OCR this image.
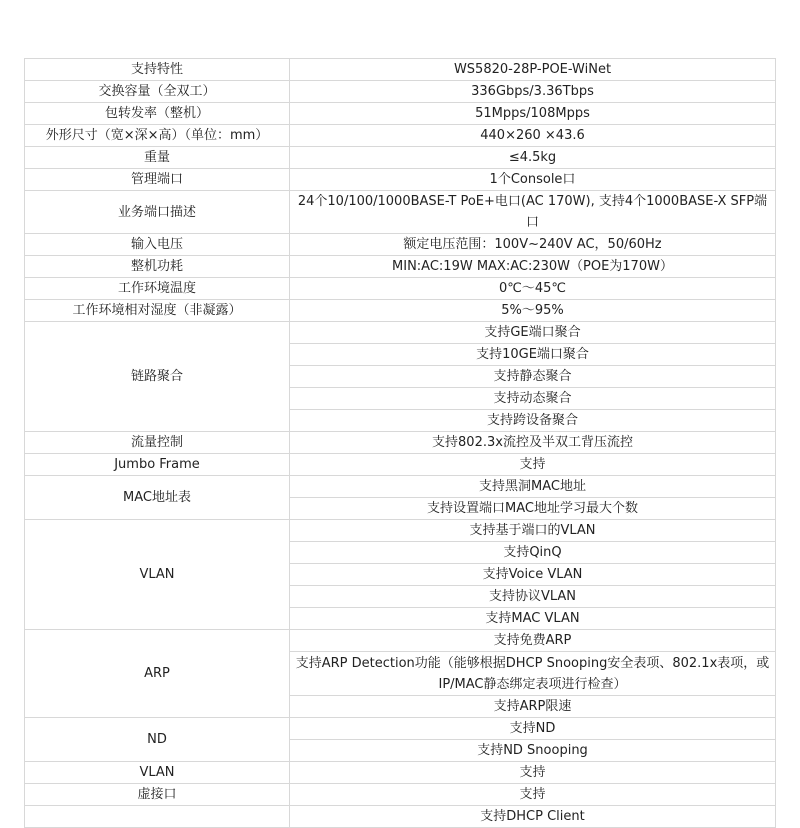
支持特性	WS5820-28P-POE-WiNet
交换容量（全双工）	336Gbps/3.36Tbps
包转发率（整机）	51Mpps/108Mpps
外形尺寸（宽×深×高）（单位：mm）	440×260 ×43.6
重量	≤4.5kg
管理端口	1个Console口
业务端口描述	24个10/100/1000BASE-T PoE+电口(AC 170W), 支持4个1000BASE-X SFP端口
输入电压	额定电压范围：100V~240V AC，50/60Hz
整机功耗	MIN:AC:19W MAX:AC:230W（POE为170W）
工作环境温度	0℃～45℃
工作环境相对湿度（非凝露）	5%～95%
链路聚合	支持GE端口聚合
	支持10GE端口聚合
	支持静态聚合
	支持动态聚合
	支持跨设备聚合
流量控制	支持802.3x流控及半双工背压流控
Jumbo Frame	支持
MAC地址表	支持黑洞MAC地址
	支持设置端口MAC地址学习最大个数
VLAN	支持基于端口的VLAN
	支持QinQ
	支持Voice VLAN
	支持协议VLAN
	支持MAC VLAN
ARP	支持免费ARP
	支持ARP Detection功能（能够根据DHCP Snooping安全表项、802.1x表项，或IP/MAC静态绑定表项进行检查）
	支持ARP限速
ND	支持ND
	支持ND Snooping
VLAN	支持
虚接口	支持
	支持DHCP Client
